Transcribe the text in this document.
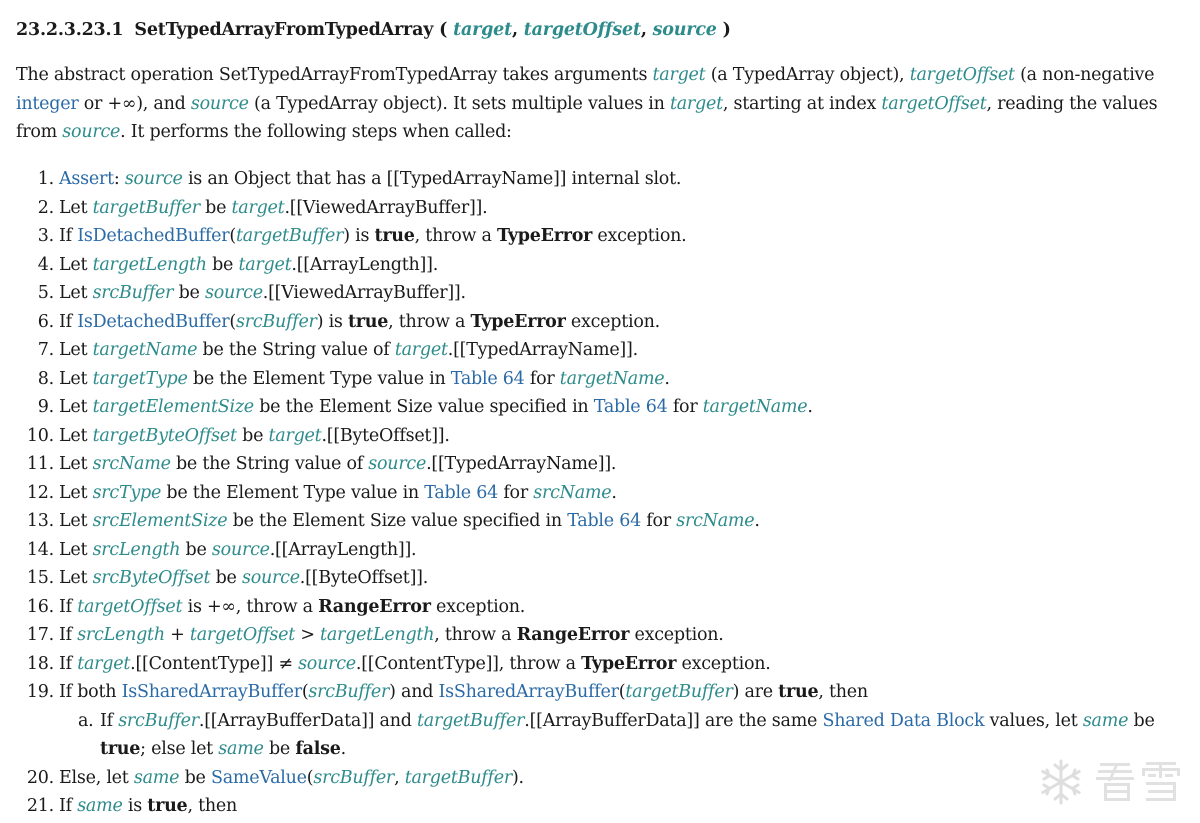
23.2.3.23.1 SetTypedArrayFromTypedArray ( target, targetOffset, source )
The abstract operation SetTypedArrayFromTypedArray takes arguments target (a TypedArray object), targetOffset (a non-negative integer or +∞), and source (a TypedArray object). It sets multiple values in target, starting at index targetOffset, reading the values from source. It performs the following steps when called:
1. Assert: source is an Object that has a [[TypedArrayName]] internal slot.
2. Let targetBuffer be target.[[ViewedArrayBuffer]].
3. If IsDetachedBuffer(targetBuffer) is true, throw a TypeError exception.
4. Let targetLength be target.[[ArrayLength]].
5. Let srcBuffer be source.[[ViewedArrayBuffer]].
6. If IsDetachedBuffer(srcBuffer) is true, throw a TypeError exception.
7. Let targetName be the String value of target.[[TypedArrayName]].
8. Let targetType be the Element Type value in Table 64 for targetName.
9. Let targetElementSize be the Element Size value specified in Table 64 for targetName.
10. Let targetByteOffset be target.[[ByteOffset]].
11. Let srcName be the String value of source.[[TypedArrayName]].
12. Let srcType be the Element Type value in Table 64 for srcName.
13. Let srcElementSize be the Element Size value specified in Table 64 for srcName.
14. Let srcLength be source.[[ArrayLength]].
15. Let srcByteOffset be source.[[ByteOffset]].
16. If targetOffset is +∞, throw a RangeError exception.
17. If srcLength + targetOffset > targetLength, throw a RangeError exception.
18. If target.[[ContentType]] ≠ source.[[ContentType]], throw a TypeError exception.
19. If both IsSharedArrayBuffer(srcBuffer) and IsSharedArrayBuffer(targetBuffer) are true, then
a. If srcBuffer.[[ArrayBufferData]] and targetBuffer.[[ArrayBufferData]] are the same Shared Data Block values, let same be true; else let same be false.
20. Else, let same be SameValue(srcBuffer, targetBuffer).
21. If same is true, then
